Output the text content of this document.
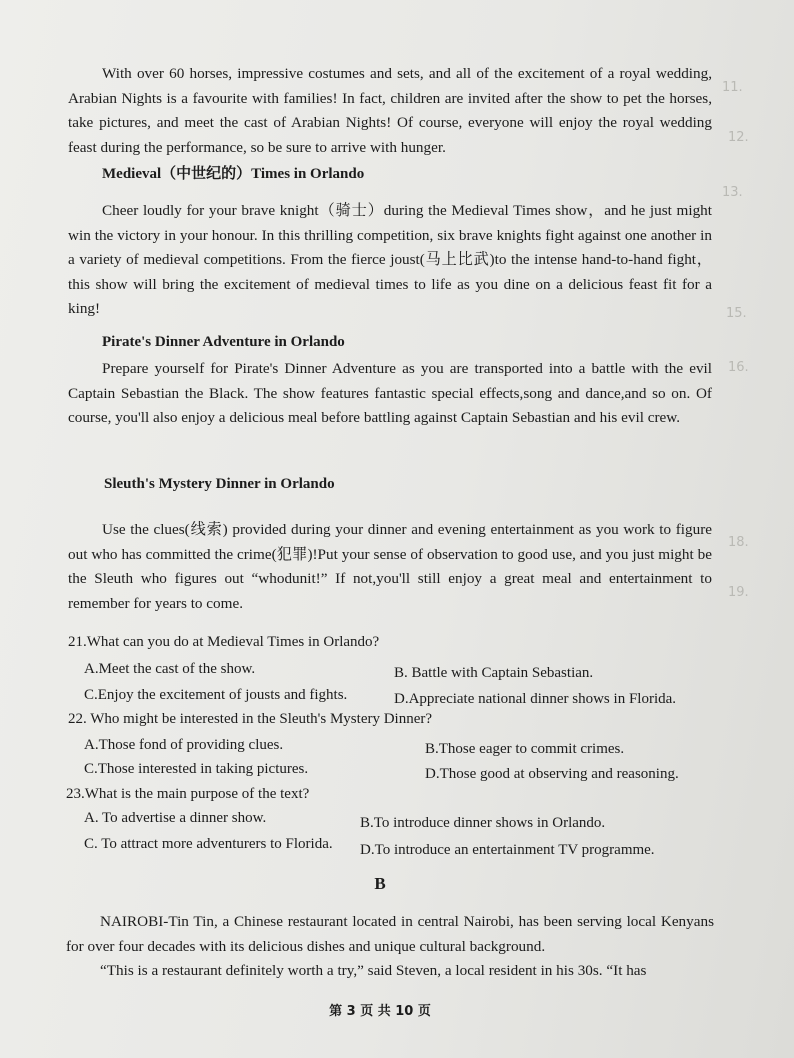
11.
12.
13.
15.
16.
18.
19.

With over 60 horses, impressive costumes and sets, and all of the excitement of a royal wedding, Arabian Nights is a favourite with families! In fact, children are invited after the show to pet the horses, take pictures, and meet the cast of Arabian Nights! Of course, everyone will enjoy the royal wedding feast during the performance, so be sure to arrive with hunger.

Medieval（中世纪的）Times in Orlando

Cheer loudly for your brave knight（骑士）during the Medieval Times show，and he just might win the victory in your honour. In this thrilling competition, six brave knights fight against one another in a variety of medieval competitions. From the fierce joust(马上比武)to the intense hand-to-hand fight，this show will bring the excitement of medieval times to life as you dine on a delicious feast fit for a king!

Pirate's Dinner Adventure in Orlando

Prepare yourself for Pirate's Dinner Adventure as you are transported into a battle with the evil Captain Sebastian the Black. The show features fantastic special effects,song and dance,and so on. Of course, you'll also enjoy a delicious meal before battling against Captain Sebastian and his evil crew.

Sleuth's Mystery Dinner in Orlando

Use the clues(线索) provided during your dinner and evening entertainment as you work to figure out who has committed the crime(犯罪)!Put your sense of observation to good use, and you just might be the Sleuth who figures out “whodunit!” If not,you'll still enjoy a great meal and entertainment to remember for years to come.

21.What can you do at Medieval Times in Orlando?

A.Meet the cast of the show.	B. Battle with Captain Sebastian.

C.Enjoy the excitement of jousts and fights.	D.Appreciate national dinner shows in Florida.

22. Who might be interested in the Sleuth's Mystery Dinner?

A.Those fond of providing clues.	B.Those eager to commit crimes.

C.Those interested in taking pictures.	D.Those good at observing and reasoning.

23.What is the main purpose of the text?

A. To advertise a dinner show.	B.To introduce dinner shows in Orlando.

C. To attract more adventurers to Florida. D.To introduce an entertainment TV programme.

B

NAIROBI-Tin Tin, a Chinese restaurant located in central Nairobi, has been serving local Kenyans for over four decades with its delicious dishes and unique cultural background.

“This is a restaurant definitely worth a try,” said Steven, a local resident in his 30s. “It has

第 3 页 共 10 页
